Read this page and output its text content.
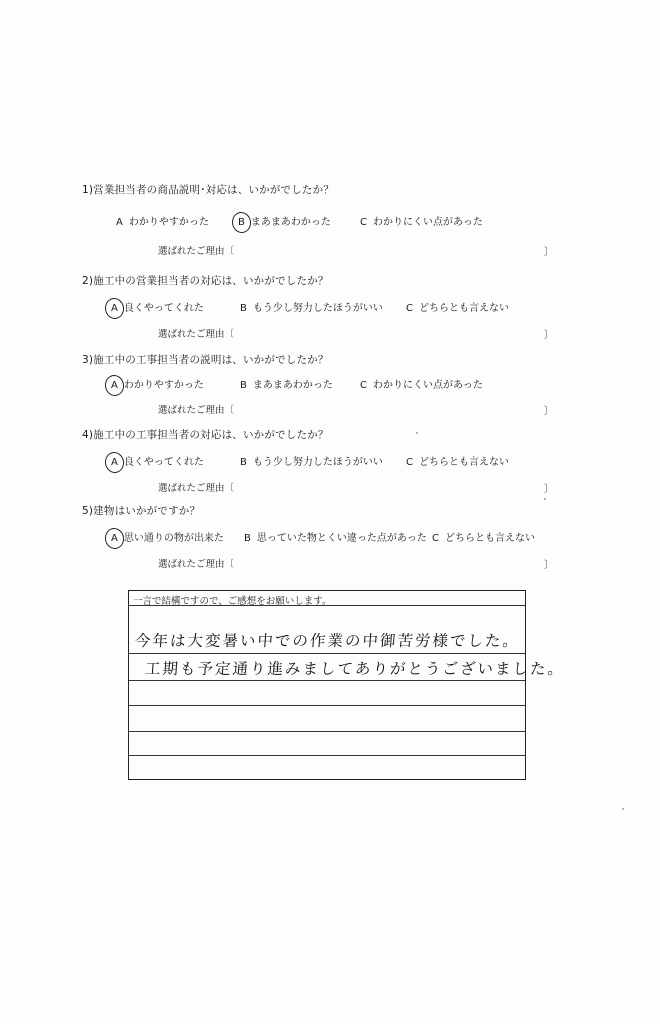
1)営業担当者の商品説明･対応は、いかがでしたか？
A わかりやすかった	B まあまあわかった	C わかりにくい点があった
選ばれたご理由〔	〕
2)施工中の営業担当者の対応は、いかがでしたか？
A 良くやってくれた	B もう少し努力したほうがいい C どちらとも言えない
選ばれたご理由〔	〕
3)施工中の工事担当者の説明は、いかがでしたか？
A わかりやすかった	B まあまあわかった	C わかりにくい点があった
選ばれたご理由〔	〕
4)施工中の工事担当者の対応は、いかがでしたか？
A 良くやってくれた	B もう少し努力したほうがいい C どちらとも言えない
選ばれたご理由〔	〕
5)建物はいかがですか？
A 思い通りの物が出来た B 思っていた物とくい違った点があった C どちらとも言えない
選ばれたご理由〔	〕
一言で結構ですので、ご感想をお願いします。
今年は大変暑い中での作業の中御苦労様でした。
工期も予定通り進みましてありがとうございました。
